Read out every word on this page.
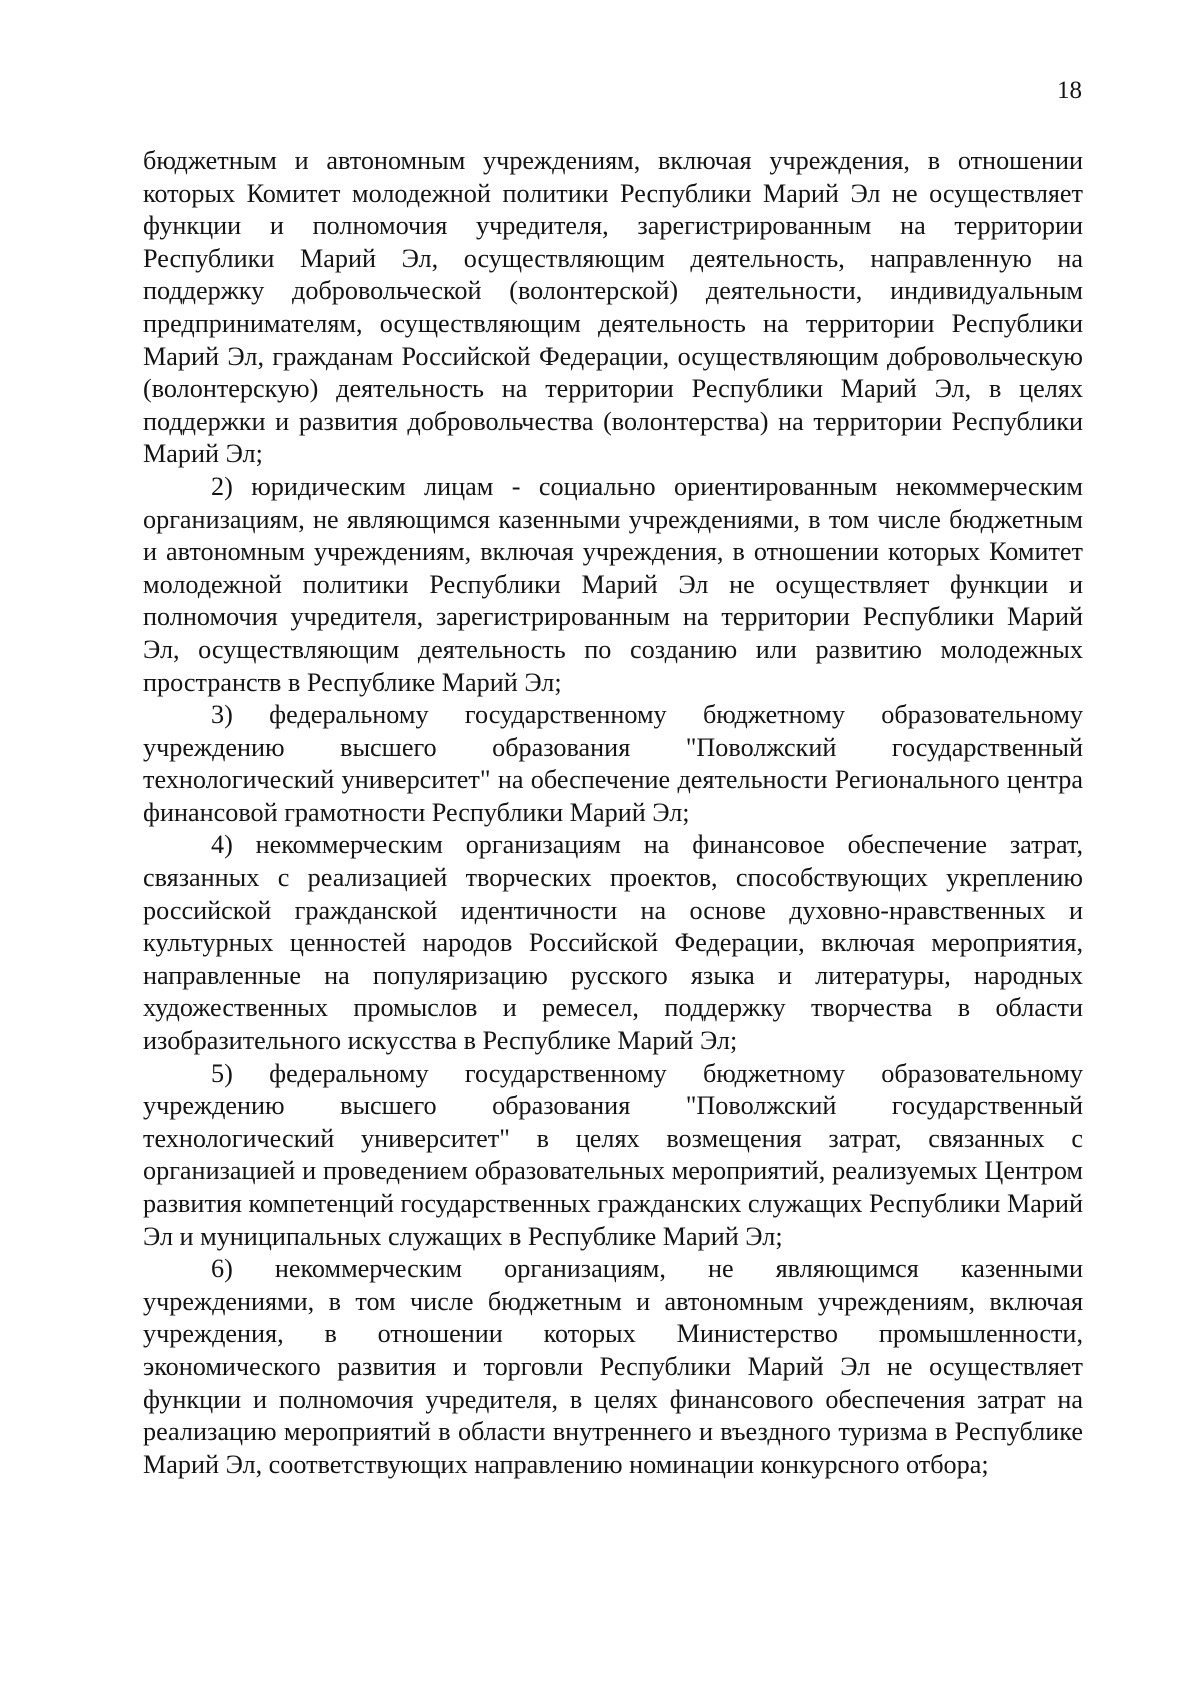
18

бюджетным и автономным учреждениям, включая учреждения, в отношении которых Комитет молодежной политики Республики Марий Эл не осуществляет функции и полномочия учредителя, зарегистрированным на территории Республики Марий Эл, осуществляющим деятельность, направленную на поддержку добровольческой (волонтерской) деятельности, индивидуальным предпринимателям, осуществляющим деятельность на территории Республики Марий Эл, гражданам Российской Федерации, осуществляющим добровольческую (волонтерскую) деятельность на территории Республики Марий Эл, в целях поддержки и развития добровольчества (волонтерства) на территории Республики Марий Эл;

2) юридическим лицам - социально ориентированным некоммерческим организациям, не являющимся казенными учреждениями, в том числе бюджетным и автономным учреждениям, включая учреждения, в отношении которых Комитет молодежной политики Республики Марий Эл не осуществляет функции и полномочия учредителя, зарегистрированным на территории Республики Марий Эл, осуществляющим деятельность по созданию или развитию молодежных пространств в Республике Марий Эл;

3) федеральному государственному бюджетному образовательному учреждению высшего образования "Поволжский государственный технологический университет" на обеспечение деятельности Регионального центра финансовой грамотности Республики Марий Эл;

4) некоммерческим организациям на финансовое обеспечение затрат, связанных с реализацией творческих проектов, способствующих укреплению российской гражданской идентичности на основе духовно-нравственных и культурных ценностей народов Российской Федерации, включая мероприятия, направленные на популяризацию русского языка и литературы, народных художественных промыслов и ремесел, поддержку творчества в области изобразительного искусства в Республике Марий Эл;

5) федеральному государственному бюджетному образовательному учреждению высшего образования "Поволжский государственный технологический университет" в целях возмещения затрат, связанных с организацией и проведением образовательных мероприятий, реализуемых Центром развития компетенций государственных гражданских служащих Республики Марий Эл и муниципальных служащих в Республике Марий Эл;

6) некоммерческим организациям, не являющимся казенными учреждениями, в том числе бюджетным и автономным учреждениям, включая учреждения, в отношении которых Министерство промышленности, экономического развития и торговли Республики Марий Эл не осуществляет функции и полномочия учредителя, в целях финансового обеспечения затрат на реализацию мероприятий в области внутреннего и въездного туризма в Республике Марий Эл, соответствующих направлению номинации конкурсного отбора;
